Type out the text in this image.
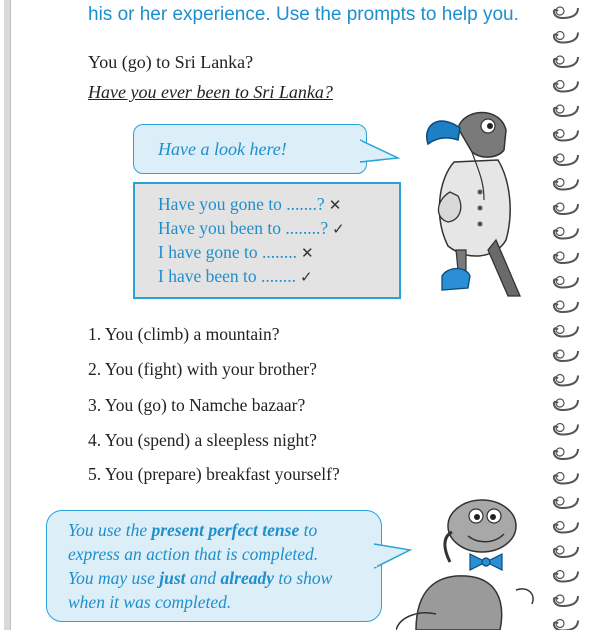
his or her experience. Use the prompts to help you.
You (go) to Sri Lanka?
Have you ever been to Sri Lanka?
Have a look here!
Have you gone to .......? ✕
Have you been to ........? ✓
I have gone to ........ ✕
I have been to ........ ✓
1. You (climb) a mountain?
2. You (fight) with your brother?
3. You (go) to Namche bazaar?
4. You (spend) a sleepless night?
5. You (prepare) breakfast yourself?
You use the present perfect tense to
express an action that is completed.
You may use just and already to show
when it was completed.
